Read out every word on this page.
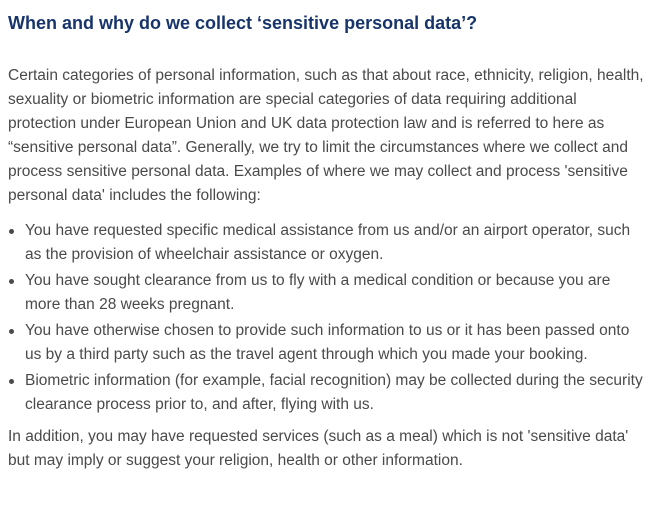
When and why do we collect ‘sensitive personal data’?

Certain categories of personal information, such as that about race, ethnicity, religion, health, sexuality or biometric information are special categories of data requiring additional protection under European Union and UK data protection law and is referred to here as “sensitive personal data”. Generally, we try to limit the circumstances where we collect and process sensitive personal data. Examples of where we may collect and process 'sensitive personal data' includes the following:

You have requested specific medical assistance from us and/or an airport operator, such as the provision of wheelchair assistance or oxygen.
You have sought clearance from us to fly with a medical condition or because you are more than 28 weeks pregnant.
You have otherwise chosen to provide such information to us or it has been passed onto us by a third party such as the travel agent through which you made your booking.
Biometric information (for example, facial recognition) may be collected during the security clearance process prior to, and after, flying with us.

In addition, you may have requested services (such as a meal) which is not 'sensitive data' but may imply or suggest your religion, health or other information.
